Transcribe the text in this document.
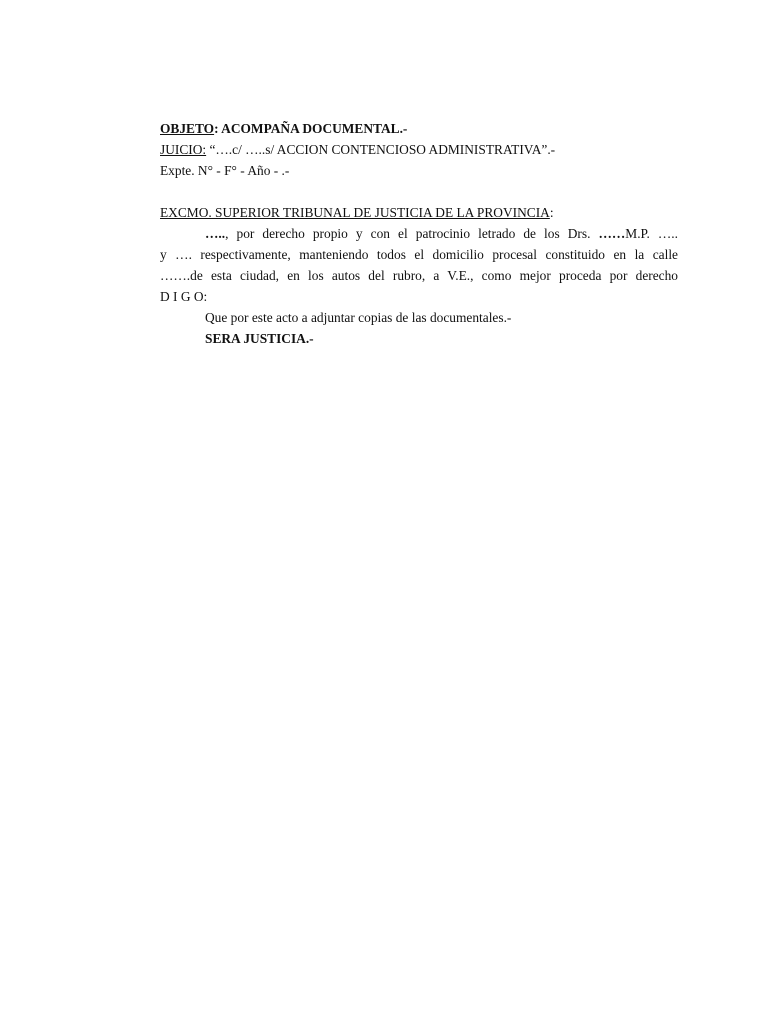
OBJETO: ACOMPAÑA DOCUMENTAL.-
JUICIO: “….c/ …..s/ ACCION CONTENCIOSO ADMINISTRATIVA”.-
Expte. N° - F° - Año - .-
EXCMO. SUPERIOR TRIBUNAL DE JUSTICIA DE LA PROVINCIA:
….., por derecho propio y con el patrocinio letrado de los Drs. ……M.P. …..
y …. respectivamente, manteniendo todos el domicilio procesal constituido en la calle
…….de esta ciudad, en los autos del rubro, a V.E., como mejor proceda por derecho
D I G O:
Que por este acto a adjuntar copias de las documentales.-
SERA JUSTICIA.-
